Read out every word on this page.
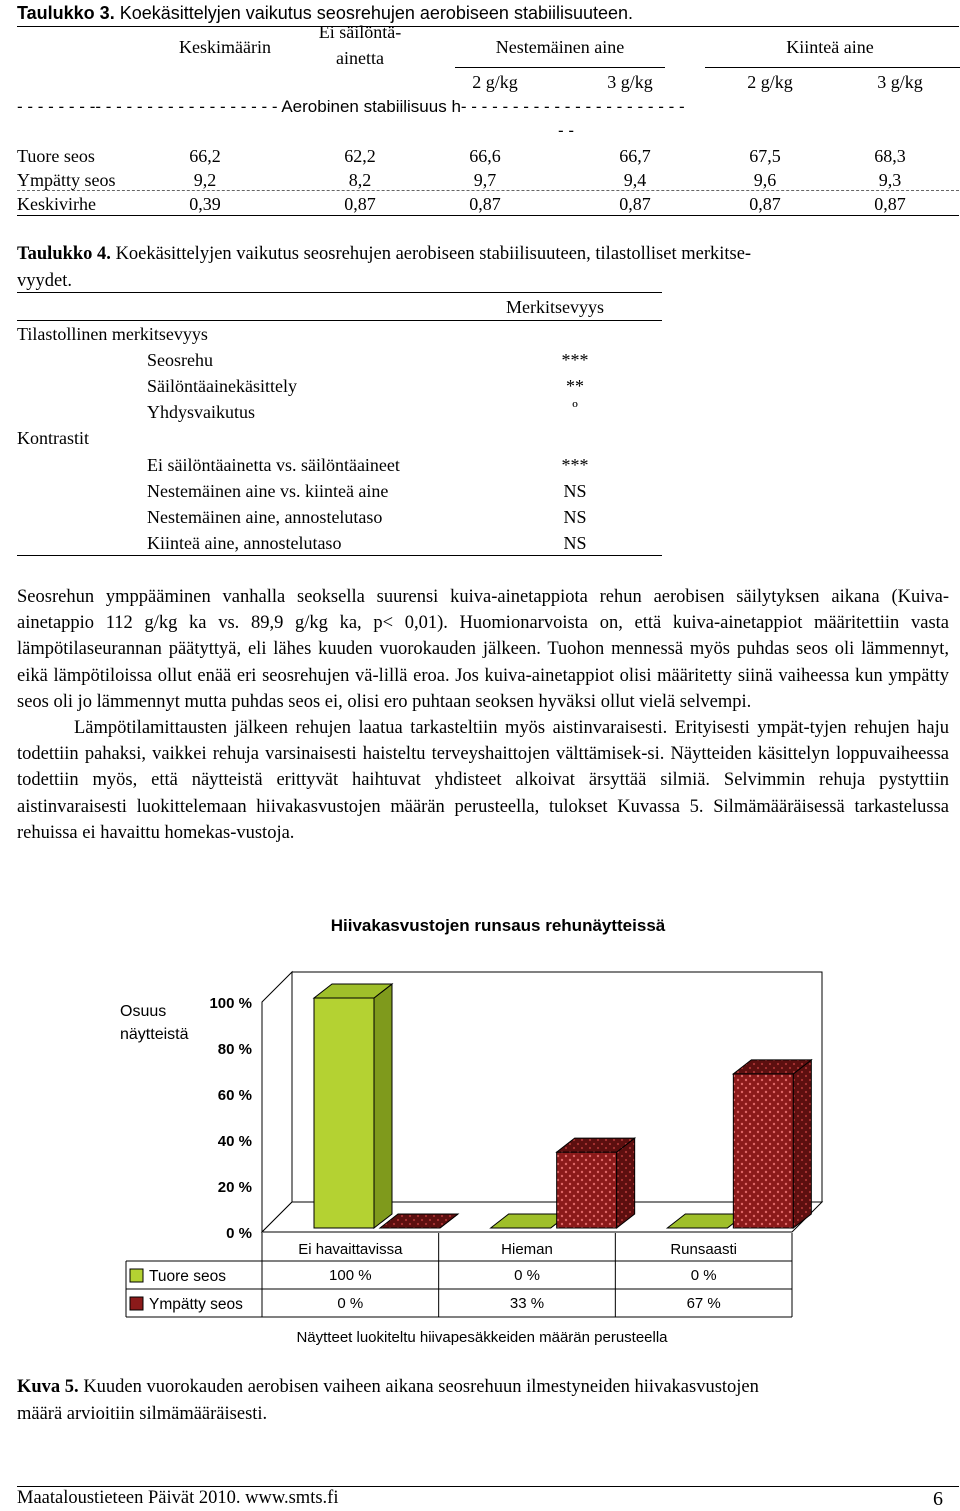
Taulukko 3. Koekäsittelyjen vaikutus seosrehujen aerobiseen stabiilisuuteen.
Keskimäärin
Ei säilöntä-
ainetta
Nestemäinen aine	Kiinteä aine
2 g/kg	3 g/kg	2 g/kg	3 g/kg
- - - - - - - -- - - - - - - - - - - - - - - - - - Aerobinen stabiilisuus h- - - - - - - - - - - - - - - - - - - - - -
- -
Tuore seos	66,2	62,2	66,6	66,7	67,5	68,3
Ympätty seos	9,2	8,2	9,7	9,4	9,6	9,3
Keskivirhe	0,39	0,87	0,87	0,87	0,87	0,87
Taulukko 4. Koekäsittelyjen vaikutus seosrehujen aerobiseen stabiilisuuteen, tilastolliset merkitse-
vyydet.
Merkitsevyys
Tilastollinen merkitsevyys
Seosrehu	***
Säilöntäainekäsittely	**
Yhdysvaikutus	º
Kontrastit
Ei säilöntäainetta vs. säilöntäaineet	***
Nestemäinen aine vs. kiinteä aine	NS
Nestemäinen aine, annostelutaso	NS
Kiinteä aine, annostelutaso	NS

Seosrehun ymppääminen vanhalla seoksella suurensi kuiva-ainetappiota rehun aerobisen säilytyksen aikana (Kuiva-ainetappio 112 g/kg ka vs. 89,9 g/kg ka, p< 0,01). Huomionarvoista on, että kuiva-ainetappiot määritettiin vasta lämpötilaseurannan päätyttyä, eli lähes kuuden vuorokauden jälkeen. Tuohon mennessä myös puhdas seos oli lämmennyt, eikä lämpötiloissa ollut enää eri seosrehujen vä-lillä eroa. Jos kuiva-ainetappiot olisi määritetty siinä vaiheessa kun ympätty seos oli jo lämmennyt mutta puhdas seos ei, olisi ero puhtaan seoksen hyväksi ollut vielä selvempi.

Lämpötilamittausten jälkeen rehujen laatua tarkasteltiin myös aistinvaraisesti. Erityisesti ympät-tyjen rehujen haju todettiin pahaksi, vaikkei rehuja varsinaisesti haisteltu terveyshaittojen välttämisek-si. Näytteiden käsittelyn loppuvaiheessa todettiin myös, että näytteistä erittyvät haihtuvat yhdisteet alkoivat ärsyttää silmiä. Selvimmin rehuja pystyttiin aistinvaraisesti luokittelemaan hiivakasvustojen määrän perusteella, tulokset Kuvassa 5. Silmämääräisessä tarkastelussa rehuissa ei havaittu homekas-vustoja.

Hiivakasvustojen runsaus rehunäytteissä
0 %
20 %
40 %
60 %
80 %
100 %
Osuus
näytteistä
Ei havaittavissa	Hieman	Runsaasti
Tuore seos	100 %	0 %	0 %
Ympätty seos	0 %	33 %	67 %
Näytteet luokiteltu hiivapesäkkeiden määrän perusteella
Kuva 5. Kuuden vuorokauden aerobisen vaiheen aikana seosrehuun ilmestyneiden hiivakasvustojen
määrä arvioitiin silmämääräisesti.
Maataloustieteen Päivät 2010. www.smts.fi	6
